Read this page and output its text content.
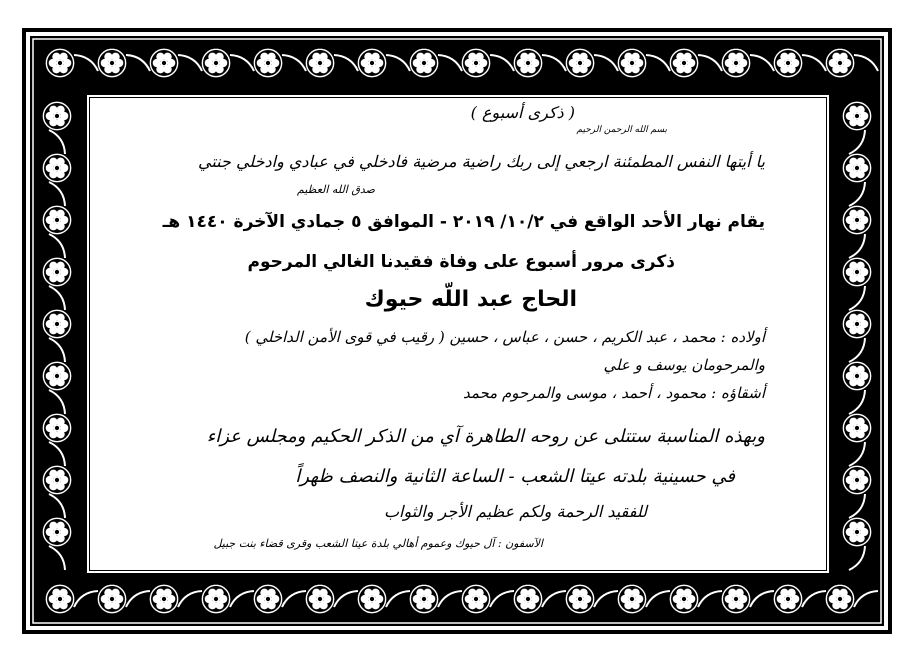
( ذكرى أسبوع )
بسم الله الرحمن الرحيم
يا أيتها النفس المطمئنة ارجعي إلى ربك راضية مرضية فادخلي في عبادي وادخلي جنتي
صدق الله العظيم
يقام نهار الأحد الواقع في ١٠/٢/ ٢٠١٩ - الموافق ٥ جمادي الآخرة ١٤٤٠ هـ
ذكرى مرور أسبوع على وفاة فقيدنا الغالي المرحوم
الحاج عبد اللّه حيوك
أولاده : محمد ، عبد الكريم ، حسن ، عباس ، حسين ( رقيب في قوى الأمن الداخلي )
والمرحومان يوسف و علي
أشقاؤه : محمود ، أحمد ، موسى والمرحوم محمد
وبهذه المناسبة ستتلى عن روحه الطاهرة آي من الذكر الحكيم ومجلس عزاء
في حسينية بلدته عيتا الشعب - الساعة الثانية والنصف ظهراً
للفقيد الرحمة ولكم عظيم الأجر والثواب
الآسفون : آل حيوك وعموم أهالي بلدة عيتا الشعب وقرى قضاء بنت جبيل
